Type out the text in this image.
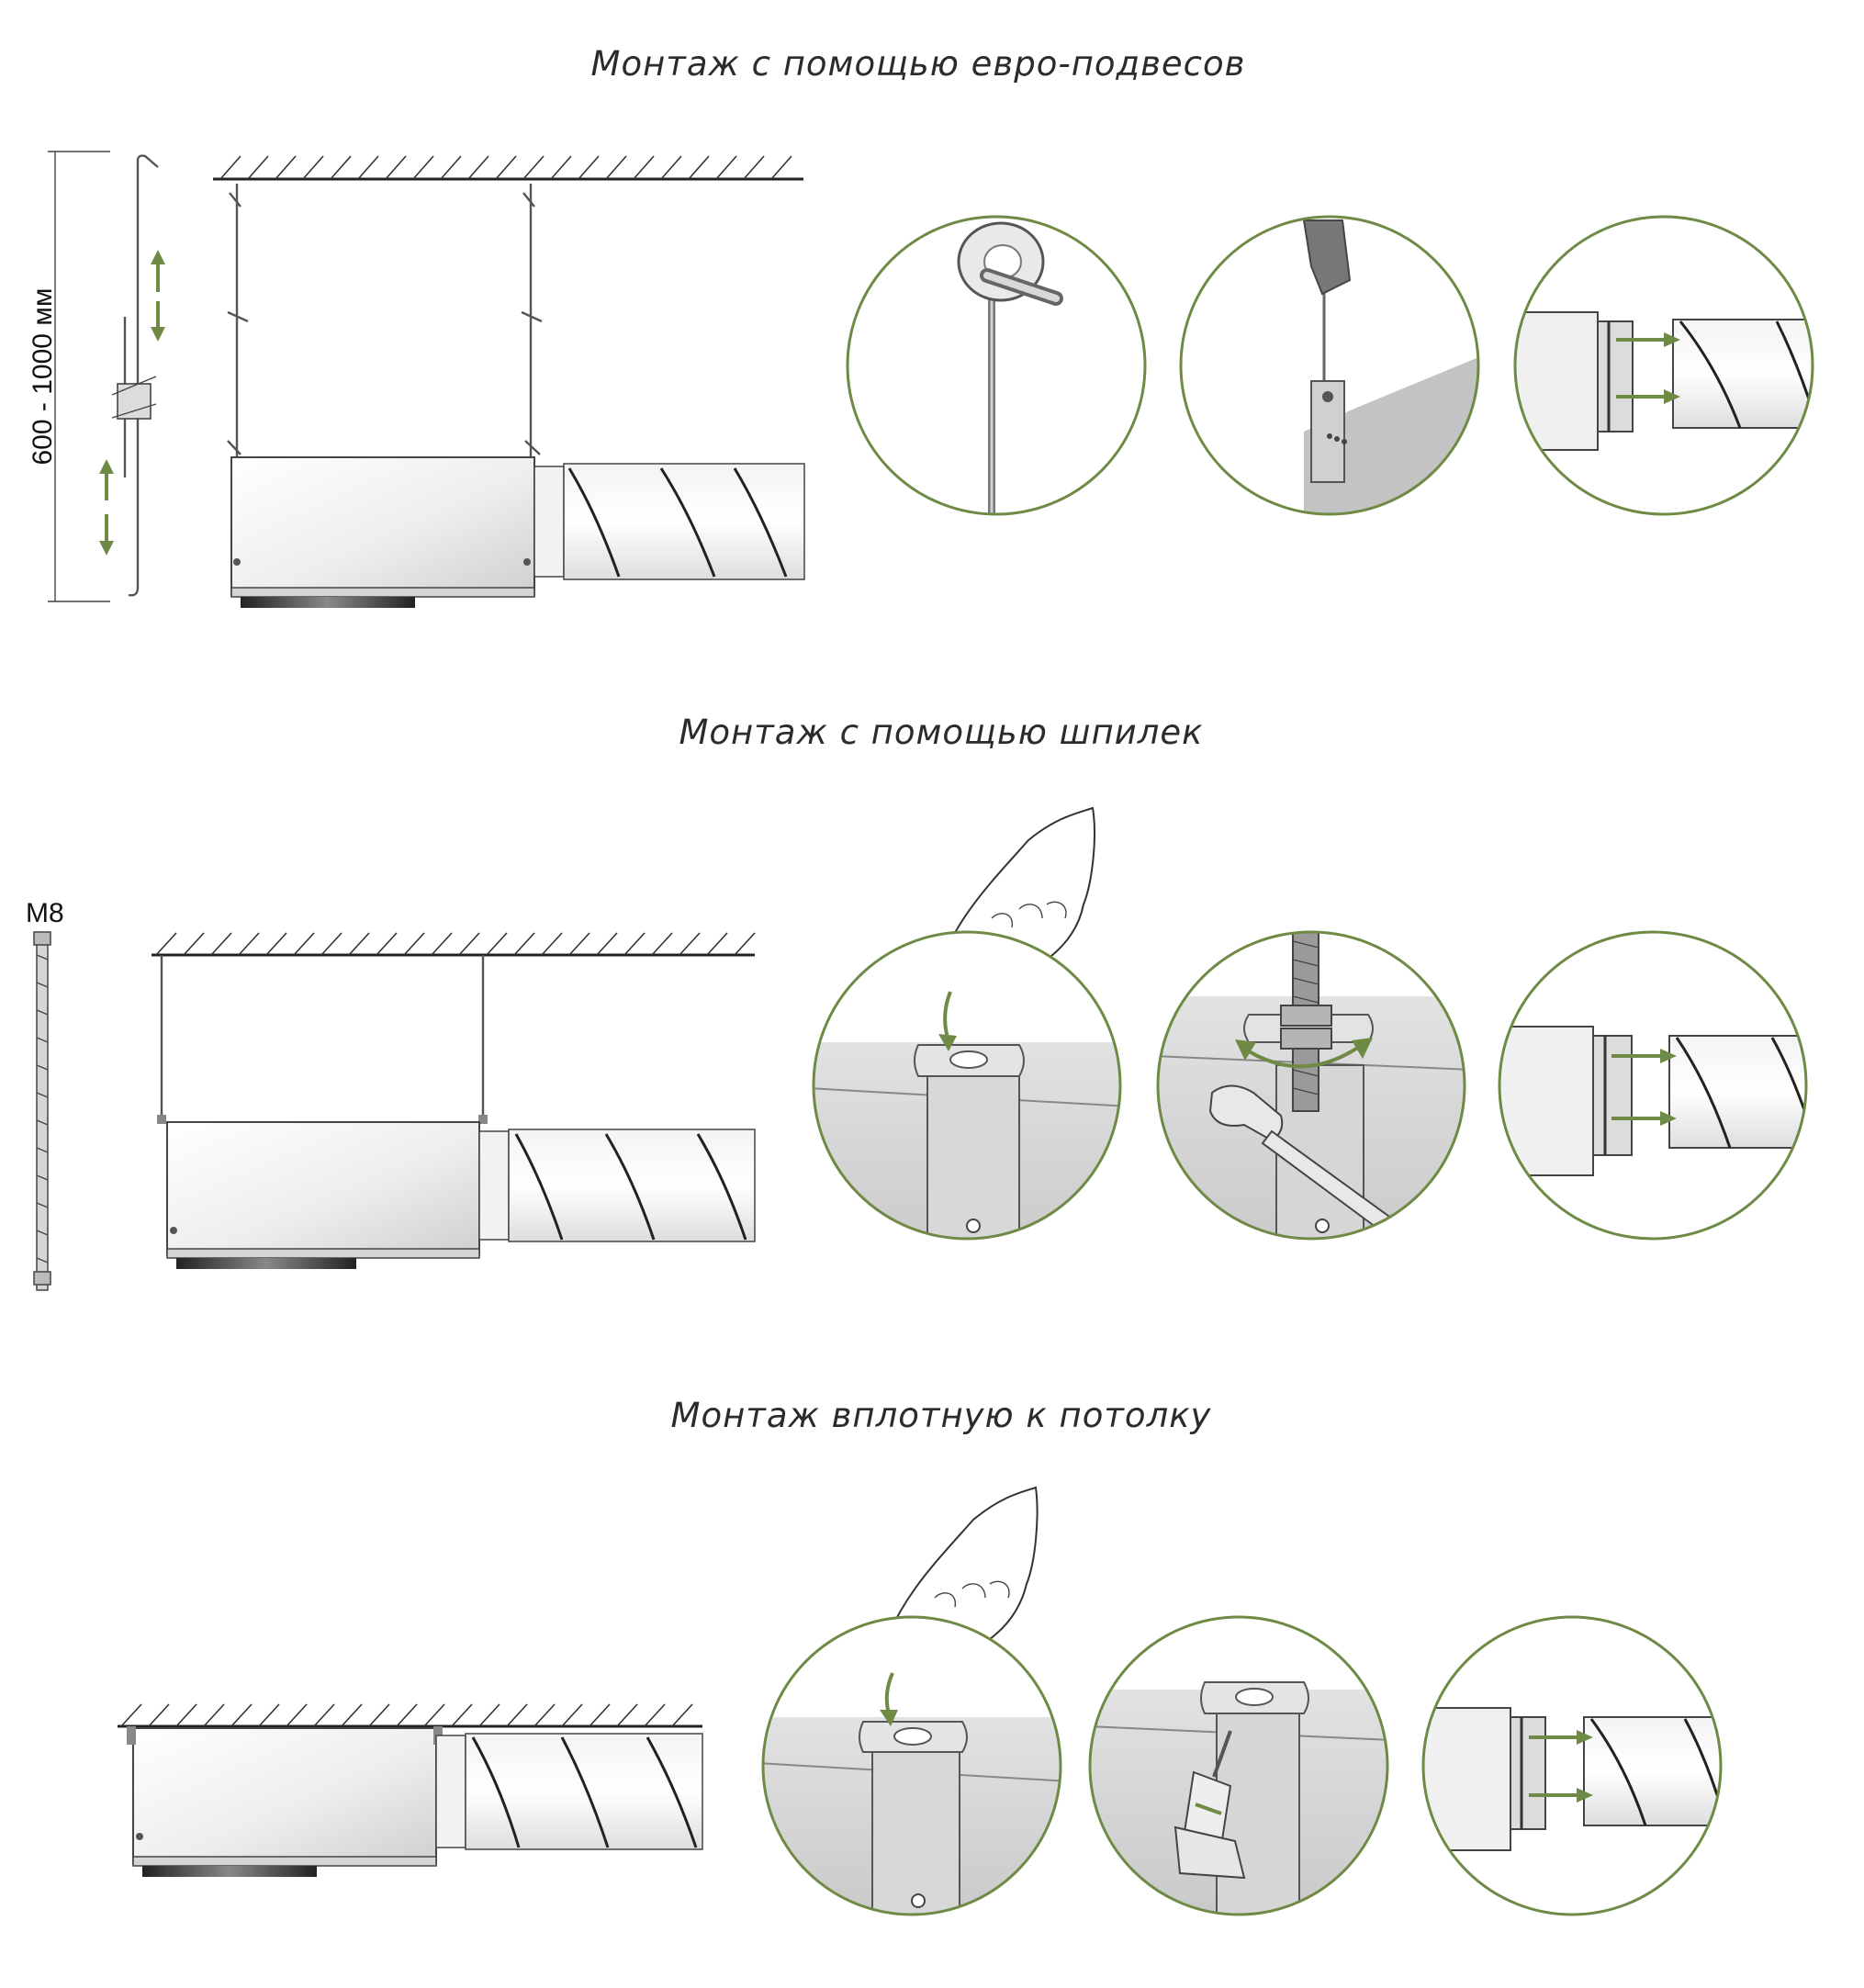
Монтаж с помощью евро-подвесов
600 - 1000 мм
Монтаж с помощью шпилек
M8
Монтаж вплотную к потолку
